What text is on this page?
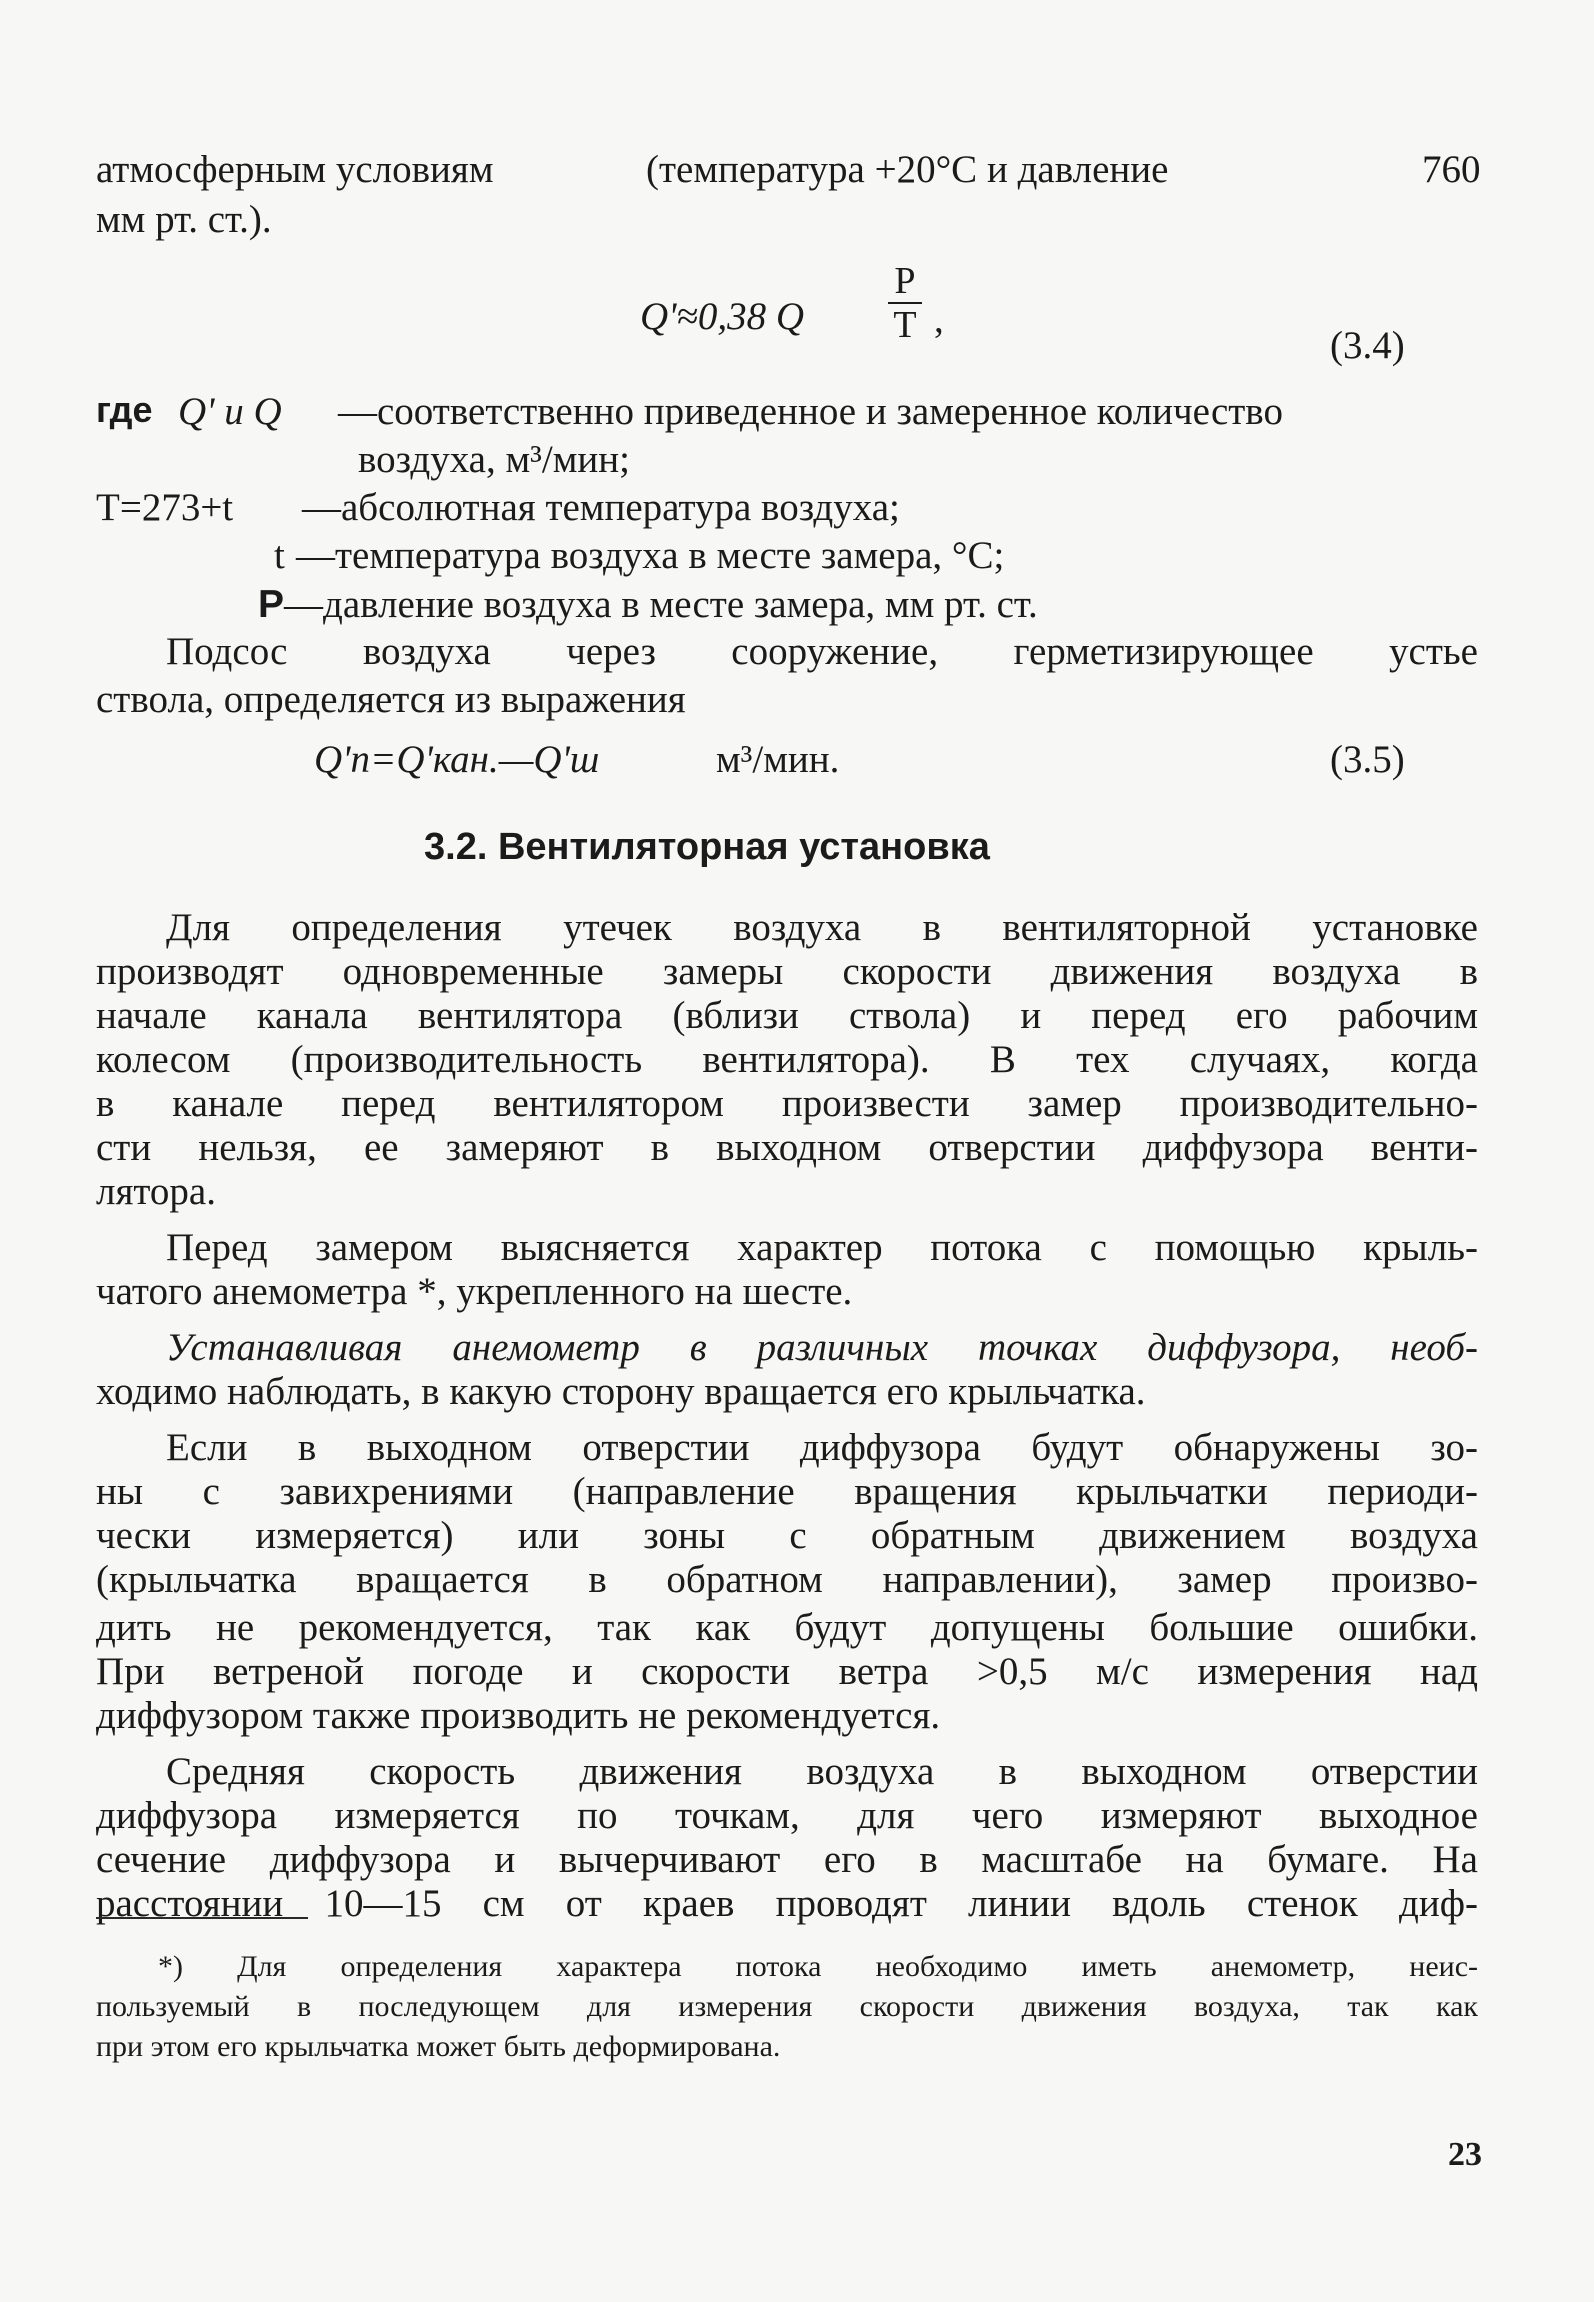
атмосферным условиям	(температура +20°С и давление	760
мм рт. ст.).
Q'≈0,38 Q
P
T ,
(3.4)
где Q' и Q —соответственно приведенное и замеренное количество
воздуха, м³/мин;
T=273+t —абсолютная температура воздуха;
t —температура воздуха в месте замера, °С;
P —давление воздуха в месте замера, мм рт. ст.
Подсос воздуха через сооружение, герметизирующее устье
ствола, определяется из выражения
Q'п=Q'кан.—Q'ш	м³/мин.	(3.5)
3.2. Вентиляторная установка
Для определения утечек воздуха в вентиляторной установке
производят одновременные замеры скорости движения воздуха в
начале канала вентилятора (вблизи ствола) и перед его рабочим
колесом (производительность вентилятора). В тех случаях, когда
в канале перед вентилятором произвести замер производительно-
сти нельзя, ее замеряют в выходном отверстии диффузора венти-
лятора.
Перед замером выясняется характер потока с помощью крыль-
чатого анемометра *, укрепленного на шесте.
Устанавливая анемометр в различных точках диффузора, необ-
ходимо наблюдать, в какую сторону вращается его крыльчатка.
Если в выходном отверстии диффузора будут обнаружены зо-
ны с завихрениями (направление вращения крыльчатки периоди-
чески измеряется) или зоны с обратным движением воздуха
(крыльчатка вращается в обратном направлении), замер произво-
дить не рекомендуется, так как будут допущены большие ошибки.
При ветреной погоде и скорости ветра >0,5 м/с измерения над
диффузором также производить не рекомендуется.
Средняя скорость движения воздуха в выходном отверстии
диффузора измеряется по точкам, для чего измеряют выходное
сечение диффузора и вычерчивают его в масштабе на бумаге. На
расстоянии 10—15 см от краев проводят линии вдоль стенок диф-
*) Для определения характера потока необходимо иметь анемометр, неис-
пользуемый в последующем для измерения скорости движения воздуха, так как
при этом его крыльчатка может быть деформирована.
23
